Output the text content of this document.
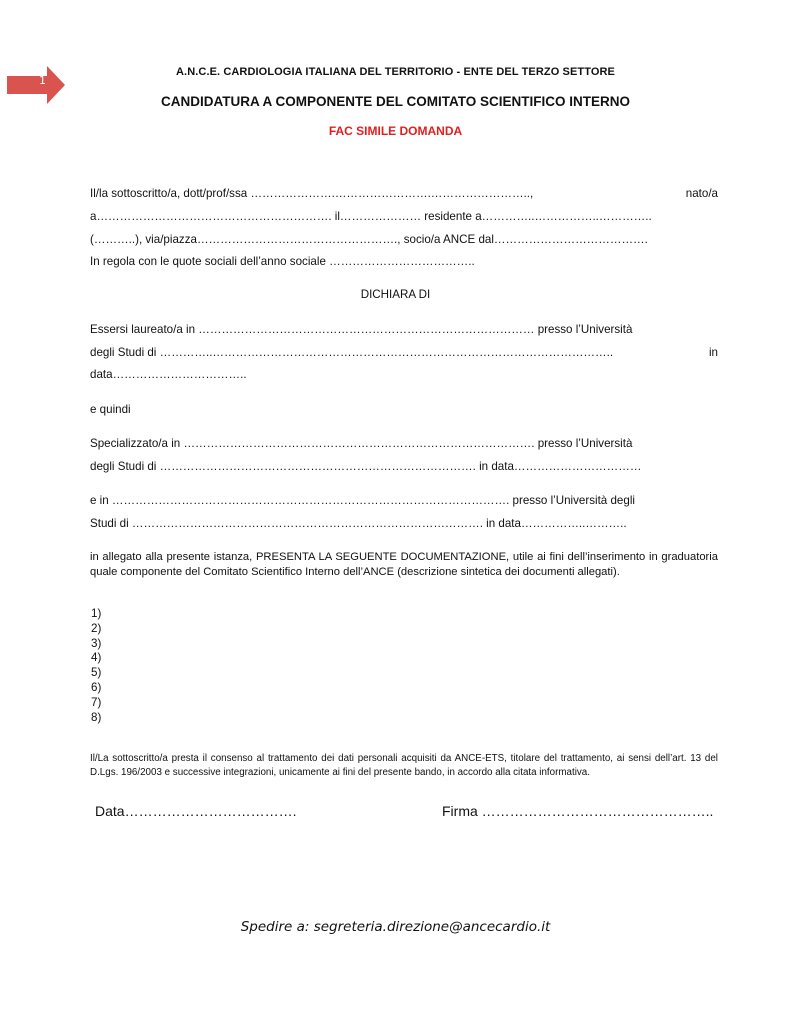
1
A.N.C.E. CARDIOLOGIA ITALIANA DEL TERRITORIO - ENTE DEL TERZO SETTORE
CANDIDATURA A COMPONENTE DEL COMITATO SCIENTIFICO INTERNO
FAC SIMILE DOMANDA
Il/la sottoscritto/a, dott/prof/ssa ………………….…………………….……………………..,	nato/a
a……………………………………………………. il………………… residente a…………..……………..…………..
(………..), via/piazza……………………………………………., socio/a ANCE dal………………………………….
In regola con le quote sociali dell’anno sociale ………………………………..
DICHIARA DI
Essersi laureato/a in …………………………………………………………………………… presso l’Università
degli Studi di …………..…………………………………………………………………………………………..	in
data……………………………..
e quindi
Specializzato/a in ………………………………………………………………………………. presso l’Università
degli Studi di ………………………………………………………………………. in data……………………………
e in …………………………………………………………………………………………. presso l’Università degli
Studi di ………………………………………………………………………………. in data……………..………..
in allegato alla presente istanza, PRESENTA LA SEGUENTE DOCUMENTAZIONE, utile ai fini dell’inserimento in graduatoria quale componente del Comitato Scientifico Interno dell’ANCE (descrizione sintetica dei documenti allegati).
1)
2)
3)
4)
5)
6)
7)
8)
Il/La sottoscritto/a presta il consenso al trattamento dei dati personali acquisiti da ANCE-ETS, titolare del trattamento, ai sensi dell’art. 13 del D.Lgs. 196/2003 e successive integrazioni, unicamente ai fini del presente bando, in accordo alla citata informativa.
Data……………………………….	Firma …………………………………………..
Spedire a: segreteria.direzione@ancecardio.it
